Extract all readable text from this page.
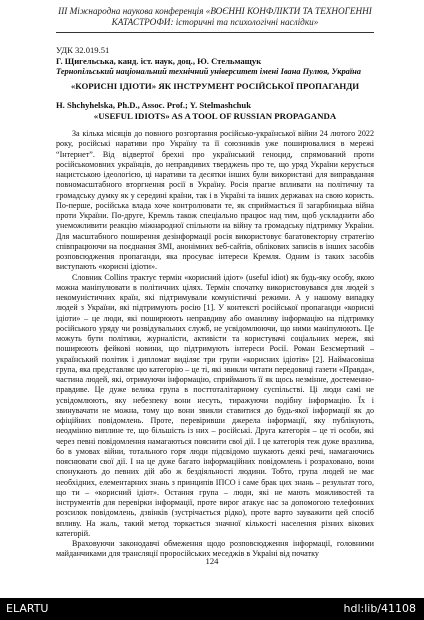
III Міжнародна наукова конференція «ВОЄННІ КОНФЛІКТИ ТА ТЕХНОГЕННІ КАТАСТРОФИ: історичні та психологічні наслідки»
УДК 32.019.51
Г. Щигельська, канд. іст. наук, доц., Ю. Стельмащук
Тернопільський національний технічний університет імені Івана Пулюя, Україна
«КОРИСНІ ІДІОТИ» ЯК ІНСТРУМЕНТ РОСІЙСЬКОЇ ПРОПАГАНДИ
H. Shchyhelska, Ph.D., Assoc. Prof.; Y. Stelmashchuk
«USEFUL IDIOTS» AS A TOOL OF RUSSIAN PROPAGANDA

За кілька місяців до повного розгортання російсько-української війни 24 лютого 2022 року, російські наративи про Україну та її союзників уже поширювалися в мережі “Інтернет”. Від відвертої брехні про український геноцид, спрямований проти російськомовних українців, до неправдивих тверджень про те, що уряд України керується нацистською ідеологією, ці наративи та десятки інших були використані для виправдання повномасштабного вторгнення росії в Україну. Росія прагне впливати на політичну та громадську думку як у середині країни, так і в Україні та інших державах на свою користь. По-перше, російська влада хоче контролювати те, як сприймається її загарбницька війна проти України. По-друге, Кремль також спеціально працює над тим, щоб ускладнити або унеможливити реакцію міжнародної спільноти на війну та громадську підтримку України. Для масштабного поширення дезінформації росія використовує багатовекторну стратегію співпрацюючи на поєднання ЗМІ, анонімних веб-сайтів, облікових записів в інших засобів розповсюдження пропаганди, яка просуває інтереси Кремля. Одним із таких засобів виступають «корисні ідіоти».

Словник Collins трактує термін «корисний ідіот» (useful idiot) як будь-яку особу, якою можна маніпулювати в політичних цілях. Термін спочатку використовувався для людей з некомуністичних країн, які підтримували комуністичні режими. А у нашому випадку людей з України, які підтримують росію [1]. У контексті російської пропаганди «корисні ідіоти» – це люди, які поширюють неправдиву або оманливу інформацію на підтримку російського уряду чи розвідувальних служб, не усвідомлюючи, що ними маніпулюють. Це можуть бути політики, журналісти, активісти та користувачі соціальних мереж, які поширюють фейкові новини, що підтримують інтереси Росії. Роман Безсмертний – український політик і дипломат виділяє три групи «корисних ідіотів» [2]. Наймасовіша група, яка представляє цю категорію – це ті, які звикли читати передовиці газети «Правда», частина людей, які, отримуючи інформацію, сприймають її як щось незмінне, достеменно-правдиве. Це дуже велика група в посттоталітарному суспільстві. Ці люди самі не усвідомлюють, яку небезпеку вони несуть, тиражуючи подібну інформацію. Їх і звинувачати не можна, тому що вони звикли ставитися до будь-якої інформації як до офіційних повідомлень. Проте, перевіривши джерела інформації, яку публікують, неодмінно виплине те, що більшість із них – російські. Друга категорія – це ті особи, які через певні повідомлення намагаються пояснити свої дії. І це категорія теж дуже вразлива, бо в умовах війни, тотального горя люди підсвідомо шукають деякі речі, намагаючись пояснювати свої дії. І на це дуже багато інформаційних повідомлень і розраховано, вони спонукають до певних дій або ж бездіяльності людини. Тобто, група людей не має необхідних, елементарних знань з принципів ІПСО і саме брак цих знань – результат того, що ти – «корисний ідіот». Остання група – люди, які не мають можливостей та інструментів для перевірки інформації, проте вирог атакує нас за допомогою телефонних розсилок повідомлень, дзвінків (зустрічається рідко), проте варто зауважити цей спосіб впливу. На жаль, такий метод торкається значної кількості населення різних вікових категорій.

Враховуючи законодавчі обмеження щодо розповсюдження інформації, головними майданчиками для трансляції проросійських меседжів в Україні від початку

124
ELARTU	hdl:lib/41108
